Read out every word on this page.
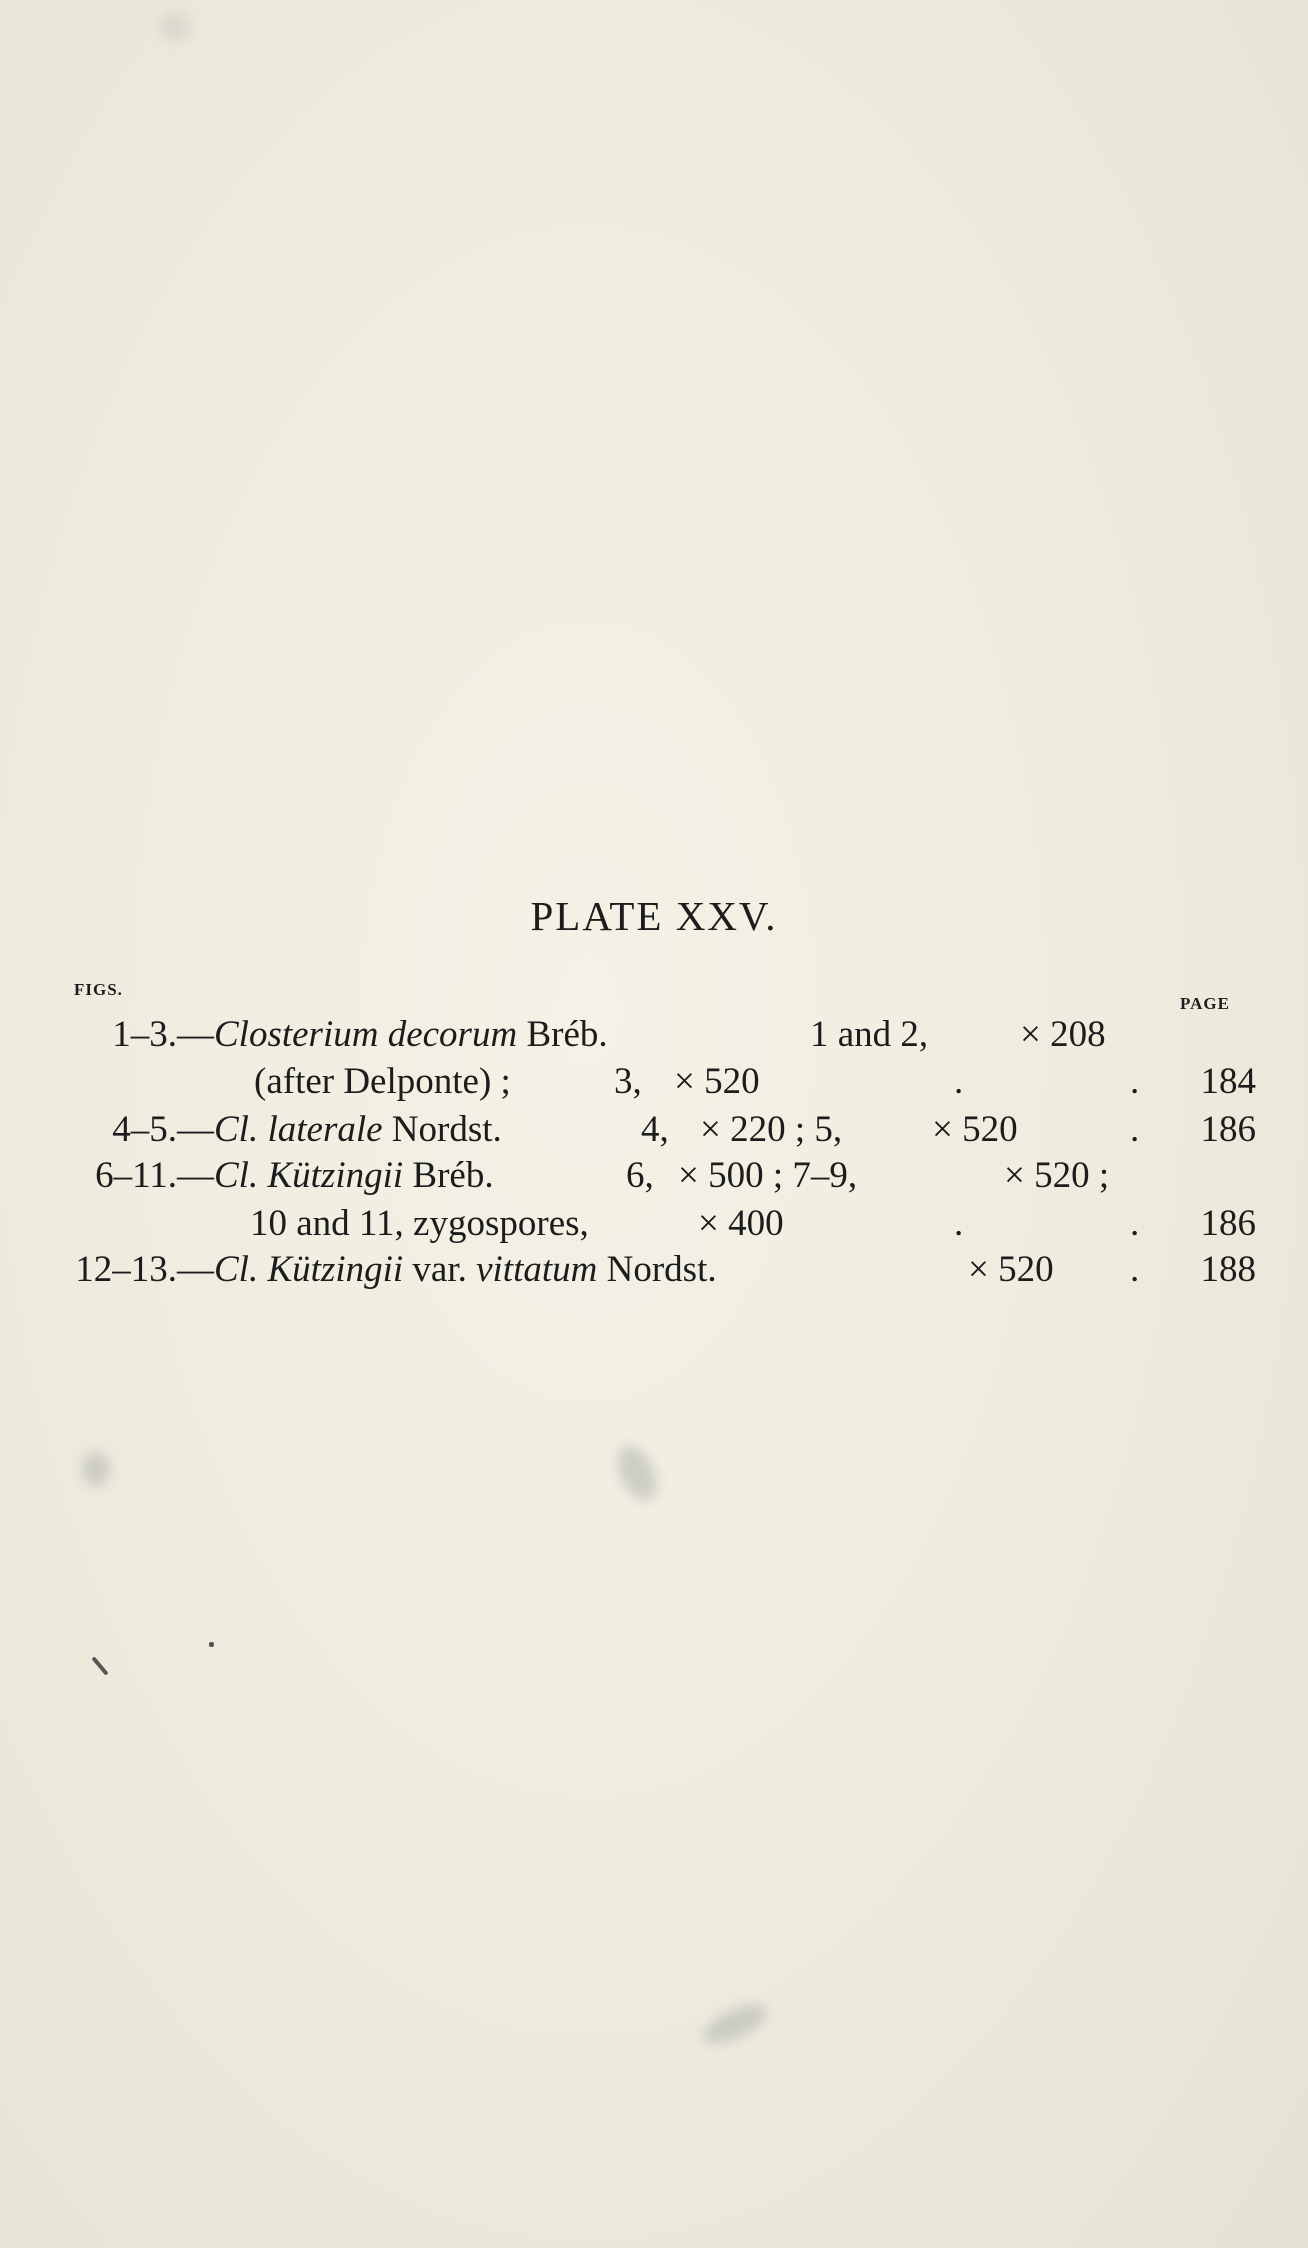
PLATE XXV.
FIGS.
PAGE
1–3.— Closterium decorum Bréb.	1 and 2, × 208
(after Delponte) ;	3, × 520	.	.	184
4–5.— Cl. laterale Nordst.	4, × 220 ; 5, × 520	.	186
6–11.— Cl. Kützingii Bréb.	6, × 500 ; 7–9,	× 520 ;
10 and 11, zygospores,	× 400	.	.	186
12–13.— Cl. Kützingii var. vittatum Nordst.	× 520 .	188
